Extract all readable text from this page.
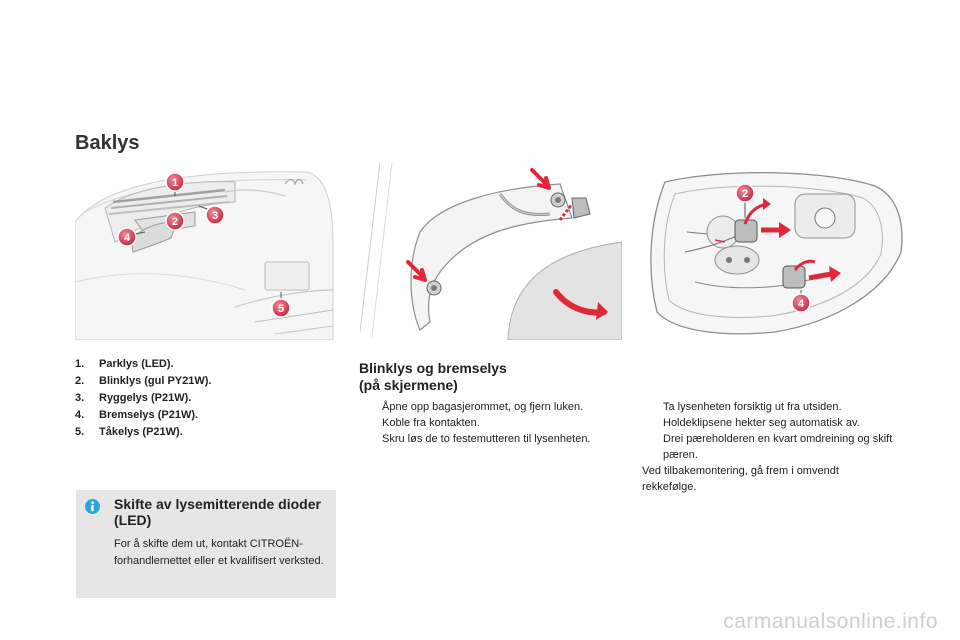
Baklys
1
2	3
4
5
2
4
1. Parklys (LED).
2. Blinklys (gul PY21W).
3. Ryggelys (P21W).
4. Bremselys (P21W).
5. Tåkelys (P21W).
Blinklys og bremselys
(på skjermene)
Åpne opp bagasjerommet, og fjern luken.
Koble fra kontakten.
Skru løs de to festemutteren til lysenheten.
Ta lysenheten forsiktig ut fra utsiden. Holdeklipsene hekter seg automatisk av.
Drei pæreholderen en kvart omdreining og skift pæren.
Ved tilbakemontering, gå frem i omvendt rekkefølge.
Skifte av lysemitterende dioder (LED)
For å skifte dem ut, kontakt CITROËN-forhandlernettet eller et kvalifisert verksted.
carmanualsonline.info
